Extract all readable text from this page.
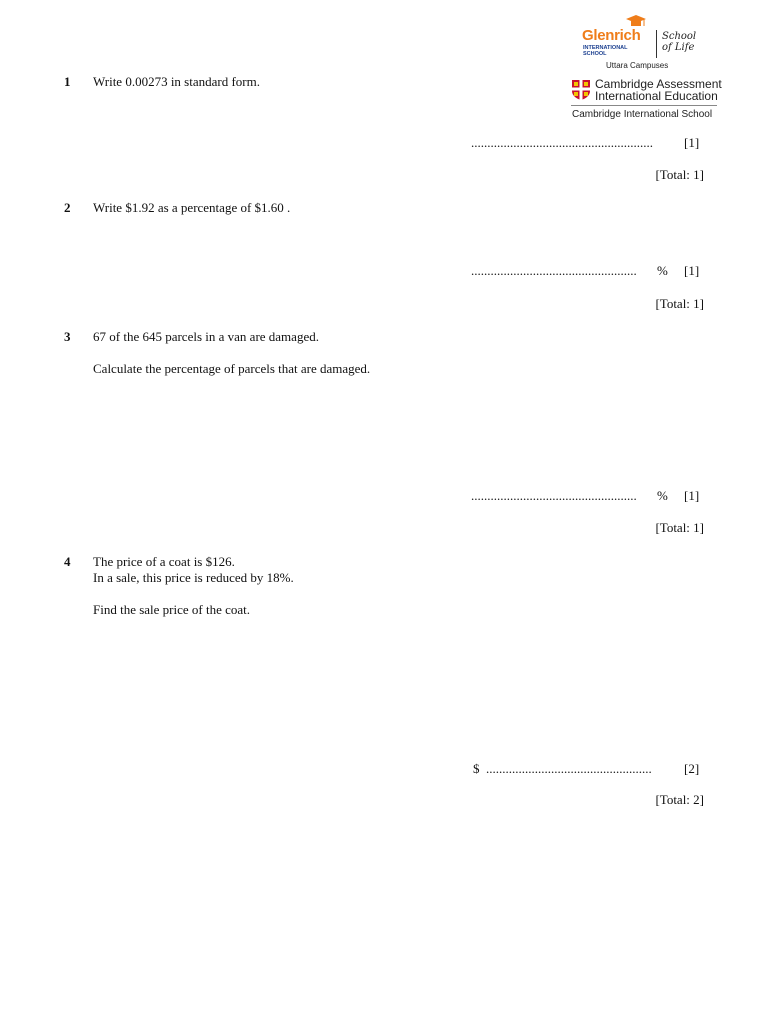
Glenrich
INTERNATIONAL
SCHOOL
School
of Life
Uttara Campuses
Cambridge Assessment
International Education
Cambridge International School
1 Write 0.00273 in standard form.
........................................................ [1]
[Total: 1]
2 Write $1.92 as a percentage of $1.60 .
................................................... % [1]
[Total: 1]
3 67 of the 645 parcels in a van are damaged.
Calculate the percentage of parcels that are damaged.
................................................... % [1]
[Total: 1]
4 The price of a coat is $126.
In a sale, this price is reduced by 18%.
Find the sale price of the coat.
$ ................................................... [2]
[Total: 2]
